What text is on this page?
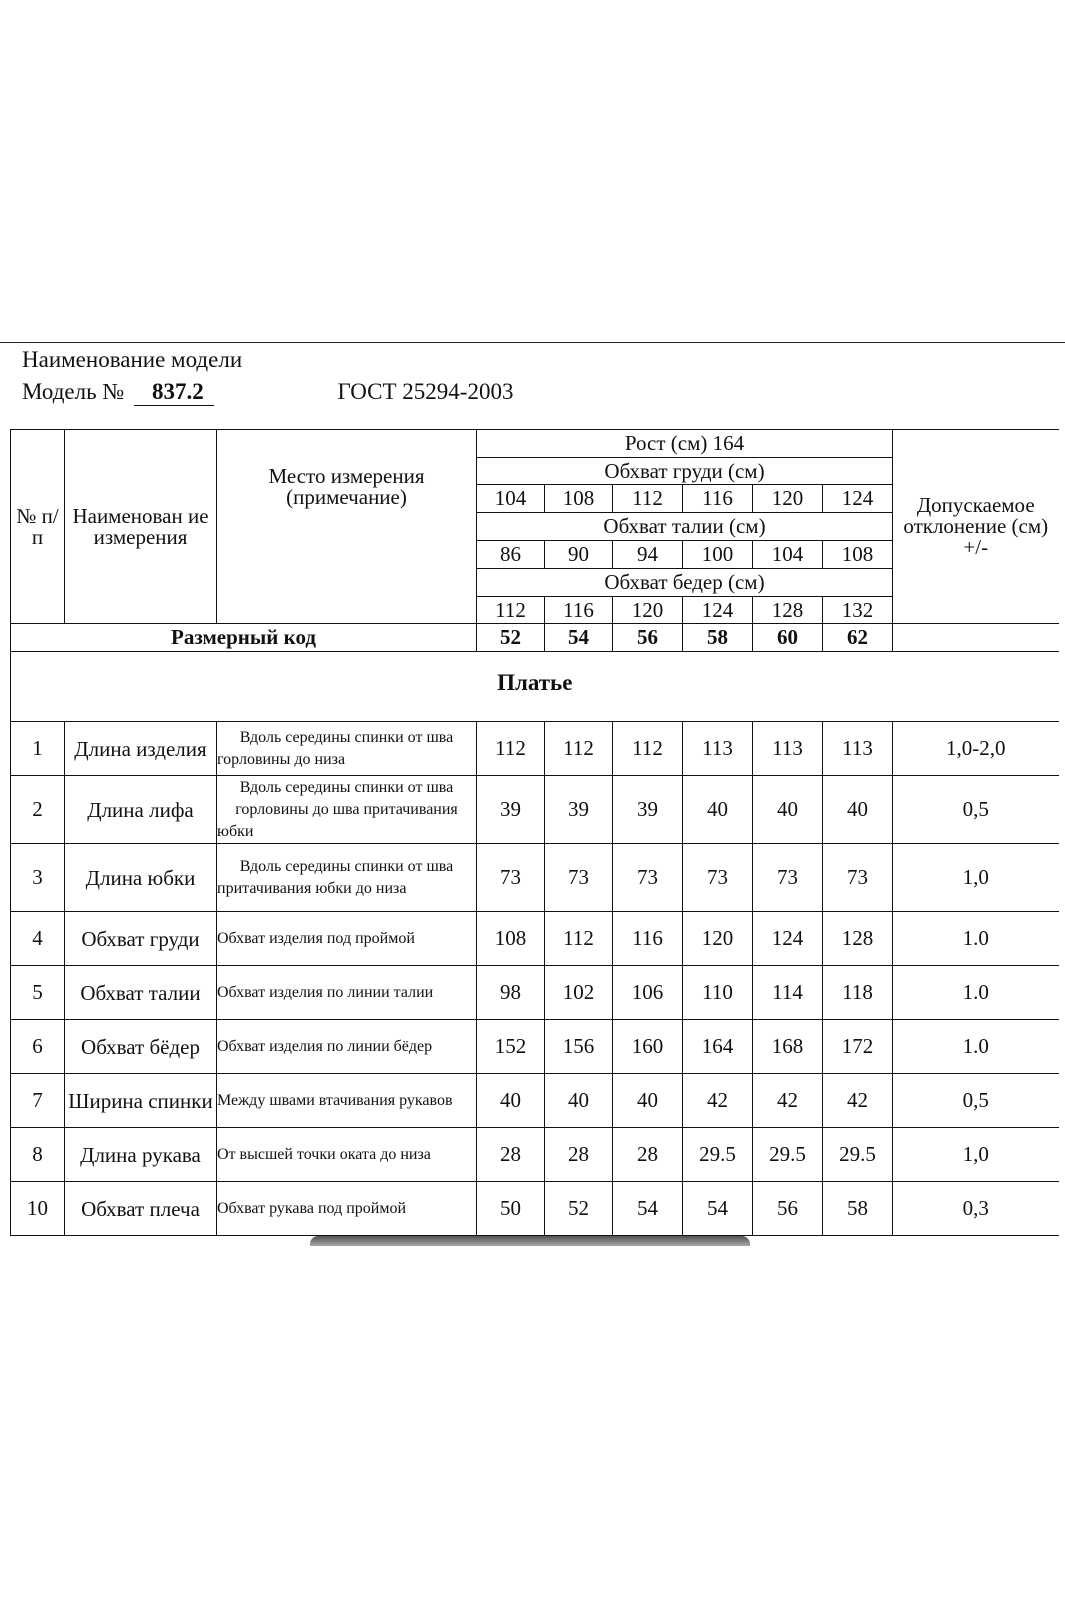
Наименование модели
Модель № 837.2	ГОСТ 25294-2003
№ п/п	Наименован ие измерения	Место измерения (примечание)	Рост (см) 164						Допускаемое отклонение (см) +/-
			Обхват груди (см)						
			104	108	112	116	120	124	
			Обхват талии (см)						
			86	90	94	100	104	108	
			Обхват бедер (см)						
			112	116	120	124	128	132	
Размерный код			52	54	56	58	60	62	
Платье									
1	Длина изделия	Вдоль середины спинки от шва горловины до низа	112	112	112	113	113	113	1,0-2,0
2	Длина лифа	Вдоль середины спинки от шва горловины до шва притачивания юбки	39	39	39	40	40	40	0,5
3	Длина юбки	Вдоль середины спинки от шва притачивания юбки до низа	73	73	73	73	73	73	1,0
4	Обхват груди	Обхват изделия под проймой	108	112	116	120	124	128	1.0
5	Обхват талии	Обхват изделия по линии талии	98	102	106	110	114	118	1.0
6	Обхват бёдер	Обхват изделия по линии бёдер	152	156	160	164	168	172	1.0
7	Ширина спинки	Между швами втачивания рукавов	40	40	40	42	42	42	0,5
8	Длина рукава	От высшей точки оката до низа	28	28	28	29.5	29.5	29.5	1,0
10	Обхват плеча	Обхват рукава под проймой	50	52	54	54	56	58	0,3
